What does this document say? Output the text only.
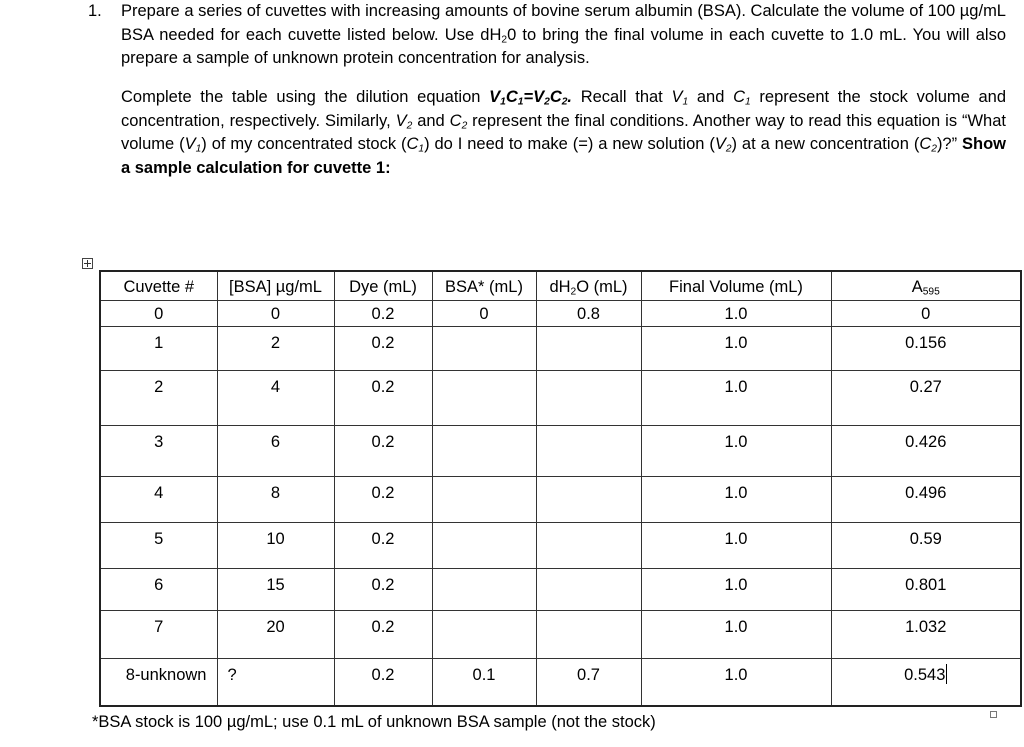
1. Prepare a series of cuvettes with increasing amounts of bovine serum albumin (BSA). Calculate the volume of 100 µg/mL BSA needed for each cuvette listed below. Use $dH_20$ to bring the final volume in each cuvette to 1.0 mL. You will also prepare a sample of unknown protein concentration for analysis.

Complete the table using the dilution equation $V_1C_1=V_2C_2$. Recall that $V_1$ and $C_1$ represent the stock volume and concentration, respectively. Similarly, $V_2$ and $C_2$ represent the final conditions. Another way to read this equation is “What volume $(V_1)$ of my concentrated stock $(C_1)$ do I need to make (=) a new solution $(V_2)$ at a new concentration $(C_2)$?” Show a sample calculation for cuvette 1:

Cuvette #	[BSA] µg/mL	Dye (mL)	BSA* (mL)	$dH_2O$ (mL)	Final Volume (mL)	$A_{595}$
0	0	0.2	0	0.8	1.0	0
1	2	0.2			1.0	0.156
2	4	0.2			1.0	0.27
3	6	0.2			1.0	0.426
4	8	0.2			1.0	0.496
5	10	0.2			1.0	0.59
6	15	0.2			1.0	0.801
7	20	0.2			1.0	1.032
8-unknown	?	0.2	0.1	0.7	1.0	0.543
*BSA stock is 100 µg/mL; use 0.1 mL of unknown BSA sample (not the stock)
